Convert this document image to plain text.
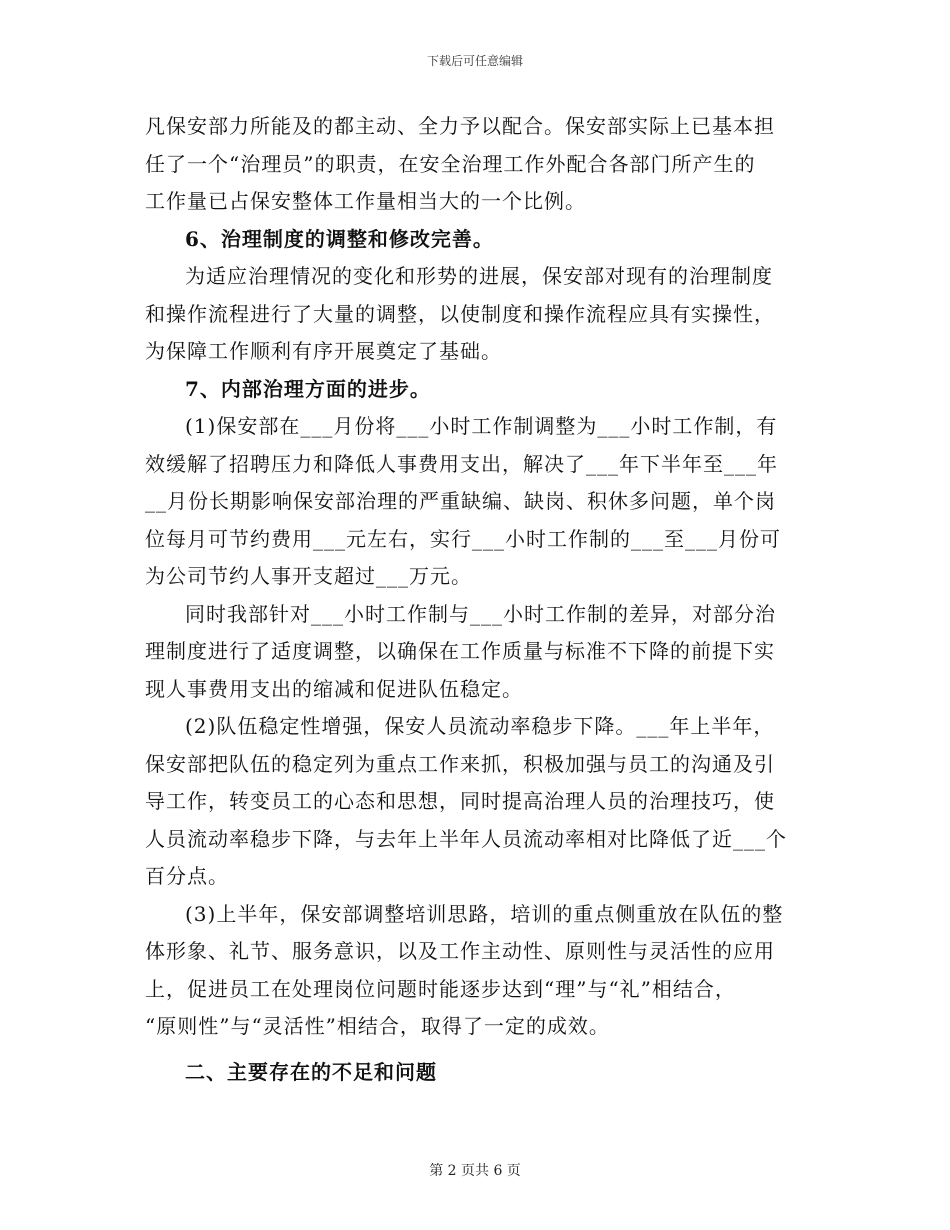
下载后可任意编辑
凡保安部力所能及的都主动、全力予以配合。保安部实际上已基本担
任了一个“治理员”的职责，在安全治理工作外配合各部门所产生的
工作量已占保安整体工作量相当大的一个比例。
6、治理制度的调整和修改完善。
为适应治理情况的变化和形势的进展，保安部对现有的治理制度
和操作流程进行了大量的调整，以使制度和操作流程应具有实操性，
为保障工作顺利有序开展奠定了基础。
7、内部治理方面的进步。
(1)保安部在___月份将___小时工作制调整为___小时工作制，有
效缓解了招聘压力和降低人事费用支出，解决了___年下半年至___年
__月份长期影响保安部治理的严重缺编、缺岗、积休多问题，单个岗
位每月可节约费用___元左右，实行___小时工作制的___至___月份可
为公司节约人事开支超过___万元。
同时我部针对___小时工作制与___小时工作制的差异，对部分治
理制度进行了适度调整，以确保在工作质量与标准不下降的前提下实
现人事费用支出的缩减和促进队伍稳定。
(2)队伍稳定性增强，保安人员流动率稳步下降。___年上半年，
保安部把队伍的稳定列为重点工作来抓，积极加强与员工的沟通及引
导工作，转变员工的心态和思想，同时提高治理人员的治理技巧，使
人员流动率稳步下降，与去年上半年人员流动率相对比降低了近___个
百分点。
(3)上半年，保安部调整培训思路，培训的重点侧重放在队伍的整
体形象、礼节、服务意识，以及工作主动性、原则性与灵活性的应用
上，促进员工在处理岗位问题时能逐步达到“理”与“礼”相结合，
“原则性”与“灵活性”相结合，取得了一定的成效。
二、主要存在的不足和问题
第 2 页共 6 页
